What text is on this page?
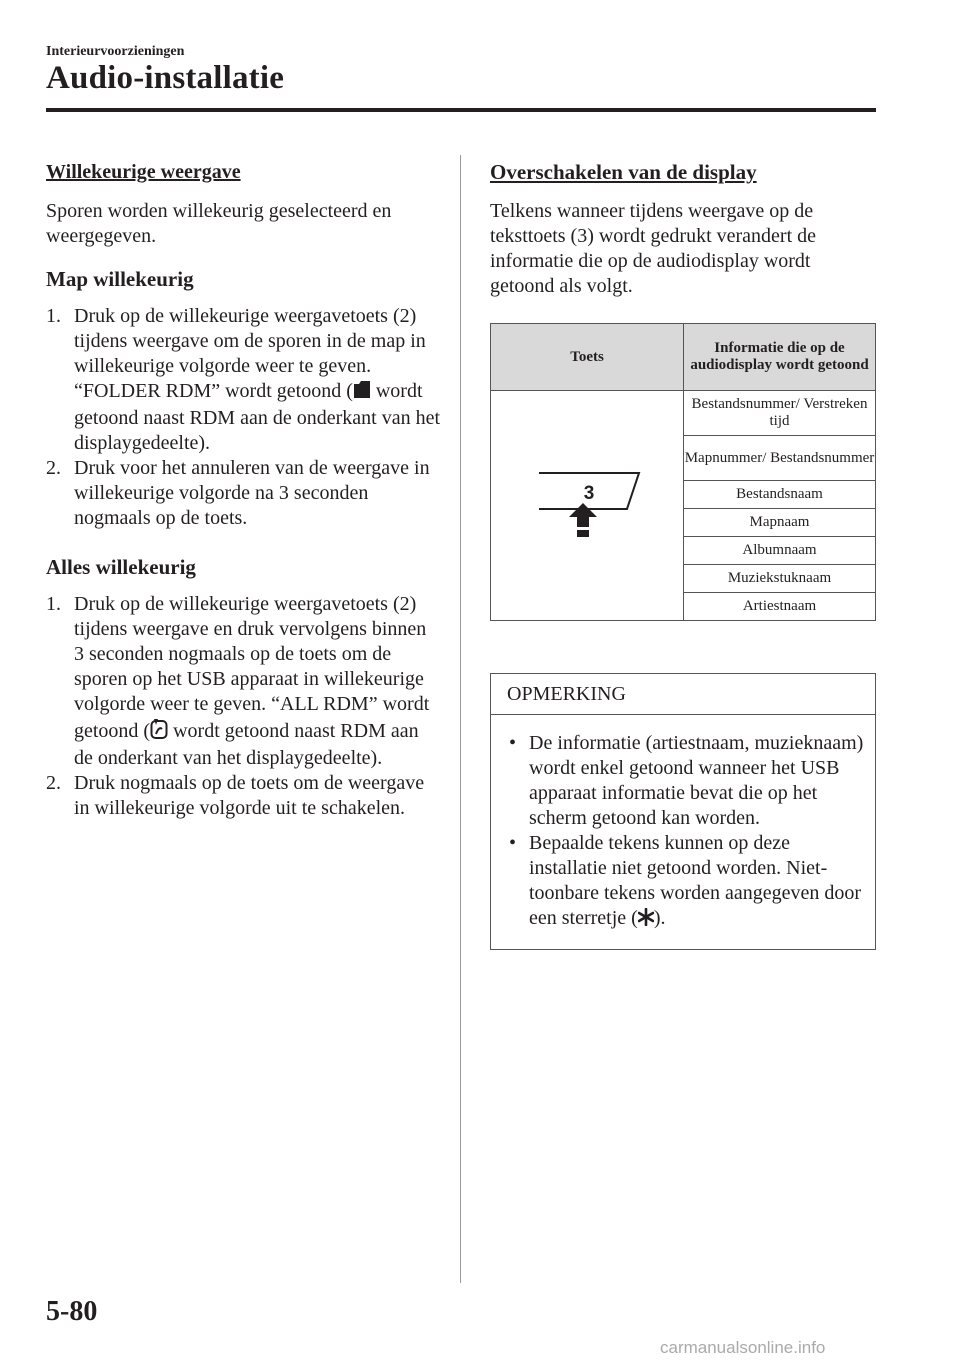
Interieurvoorzieningen
Audio-installatie
Willekeurige weergave

Sporen worden willekeurig geselecteerd en weergegeven.

Map willekeurig
1. Druk op de willekeurige weergavetoets (2) tijdens weergave om de sporen in de map in willekeurige volgorde weer te geven. “FOLDER RDM” wordt getoond ( wordt getoond naast RDM aan de onderkant van het displaygedeelte).
2. Druk voor het annuleren van de weergave in willekeurige volgorde na 3 seconden nogmaals op de toets.
Alles willekeurig
1. Druk op de willekeurige weergavetoets (2) tijdens weergave en druk vervolgens binnen 3 seconden nogmaals op de toets om de sporen op het USB apparaat in willekeurige volgorde weer te geven. “ALL RDM” wordt getoond ( wordt getoond naast RDM aan de onderkant van het displaygedeelte).
2. Druk nogmaals op de toets om de weergave in willekeurige volgorde uit te schakelen.
Overschakelen van de display

Telkens wanneer tijdens weergave op de teksttoets (3) wordt gedrukt verandert de informatie die op de audiodisplay wordt getoond als volgt.

Toets	Informatie die op de audiodisplay wordt getoond

3	Bestandsnummer/ Verstreken tijd
	Mapnummer/ Bestandsnummer
	Bestandsnaam
	Mapnaam
	Albumnaam
	Muziekstuknaam
	Artiestnaam
OPMERKING
• De informatie (artiestnaam, muzieknaam) wordt enkel getoond wanneer het USB apparaat informatie bevat die op het scherm getoond kan worden.
• Bepaalde tekens kunnen op deze installatie niet getoond worden. Niet-toonbare tekens worden aangegeven door een sterretje ( ).
5-80
carmanualsonline.info
